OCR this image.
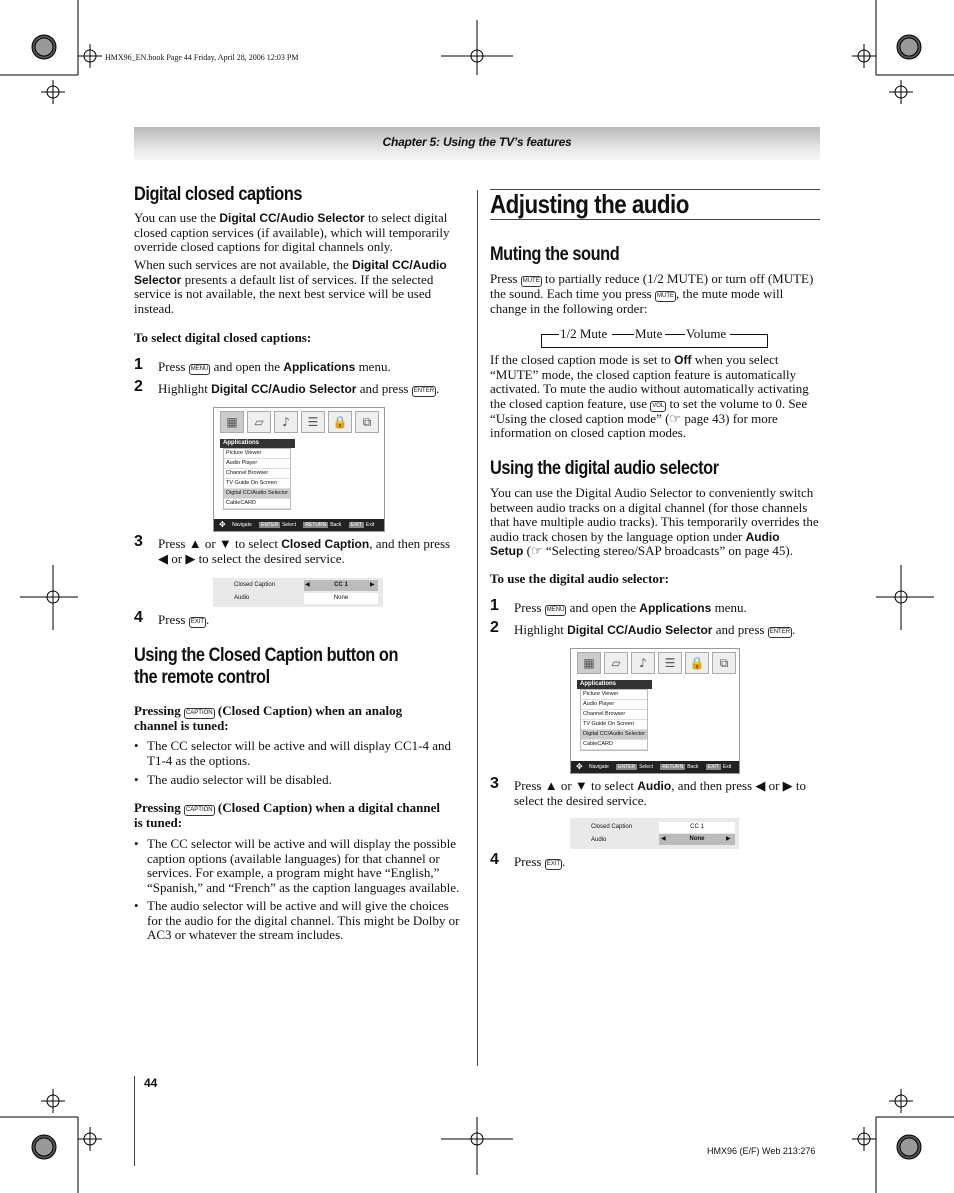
HMX96_EN.book Page 44 Friday, April 28, 2006 12:03 PM
Chapter 5: Using the TV’s features
Digital closed captions
You can use the Digital CC/Audio Selector to select digital
closed caption services (if available), which will temporarily
override closed captions for digital channels only.
When such services are not available, the Digital CC/Audio
Selector presents a default list of services. If the selected
service is not available, the next best service will be used
instead.
To select digital closed captions:
1 Press MENU and open the Applications menu.
2 Highlight Digital CC/Audio Selector and press ENTER .
▦	▱	♪	☰	🔒	⧉
Applications
Picture Viewer
Audio Player
Channel Browser
TV Guide On Screen
Digital CC/Audio Selector
CableCARD
Navigate ENTER Select RETURN Back EXIT Exit
✥
3 Press ▲ or ▼ to select Closed Caption, and then press
◀ or ▶ to select the desired service.
Closed Caption	◀	CC 1	▶
Audio	None
4 Press EXIT .
Using the Closed Caption button on
the remote control
Pressing CAPTION (Closed Caption) when an analog
channel is tuned:
• The CC selector will be active and will display CC1-4 and
T1-4 as the options.
• The audio selector will be disabled.
Pressing CAPTION (Closed Caption) when a digital channel
is tuned:
• The CC selector will be active and will display the possible
caption options (available languages) for that channel or
services. For example, a program might have “English,”
“Spanish,” and “French” as the caption languages available.
• The audio selector will be active and will give the choices
for the audio for the digital channel. This might be Dolby or
AC3 or whatever the stream includes.
Adjusting the audio
Muting the sound
Press MUTE to partially reduce (1/2 MUTE) or turn off (MUTE)
the sound. Each time you press MUTE , the mute mode will
change in the following order:
1/2 Mute Mute Volume
If the closed caption mode is set to Off when you select
“MUTE” mode, the closed caption feature is automatically
activated. To mute the audio without automatically activating
the closed caption feature, use VOL to set the volume to 0. See
“Using the closed caption mode” (☞ page 43) for more
information on closed caption modes.
Using the digital audio selector
You can use the Digital Audio Selector to conveniently switch
between audio tracks on a digital channel (for those channels
that have multiple audio tracks). This temporarily overrides the
audio track chosen by the language option under Audio
Setup (☞ “Selecting stereo/SAP broadcasts” on page 45).
To use the digital audio selector:
1 Press MENU and open the Applications menu.
2 Highlight Digital CC/Audio Selector and press ENTER .
▦	▱	♪	☰	🔒	⧉
Applications
Picture Viewer
Audio Player
Channel Browser
TV Guide On Screen
Digital CC/Audio Selector
CableCARD
Navigate ENTER Select RETURN Back EXIT Exit
✥
3 Press ▲ or ▼ to select Audio, and then press ◀ or ▶ to
select the desired service.
Closed Caption	CC 1
Audio	◀	None	▶
4 Press EXIT .
44
HMX96 (E/F) Web 213:276
